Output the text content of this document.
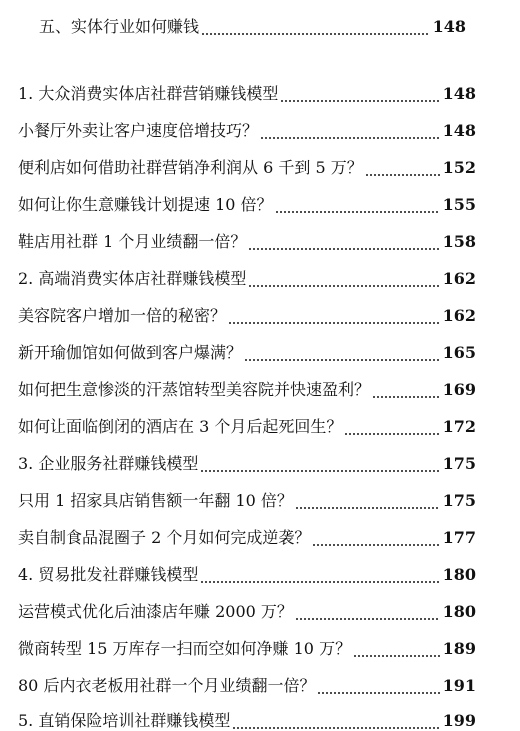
五、实体行业如何赚钱	148
1. 大众消费实体店社群营销赚钱模型	148
小餐厅外卖让客户速度倍增技巧？	148
便利店如何借助社群营销净利润从 6 千到 5 万？	152
如何让你生意赚钱计划提速 10 倍？	155
鞋店用社群 1 个月业绩翻一倍？	158
2. 高端消费实体店社群赚钱模型	162
美容院客户增加一倍的秘密？	162
新开瑜伽馆如何做到客户爆满？	165
如何把生意惨淡的汗蒸馆转型美容院并快速盈利？	169
如何让面临倒闭的酒店在 3 个月后起死回生？	172
3. 企业服务社群赚钱模型	175
只用 1 招家具店销售额一年翻 10 倍？	175
卖自制食品混圈子 2 个月如何完成逆袭？	177
4. 贸易批发社群赚钱模型	180
运营模式优化后油漆店年赚 2000 万？	180
微商转型 15 万库存一扫而空如何净赚 10 万？	189
80 后内衣老板用社群一个月业绩翻一倍？	191
5. 直销保险培训社群赚钱模型	199
